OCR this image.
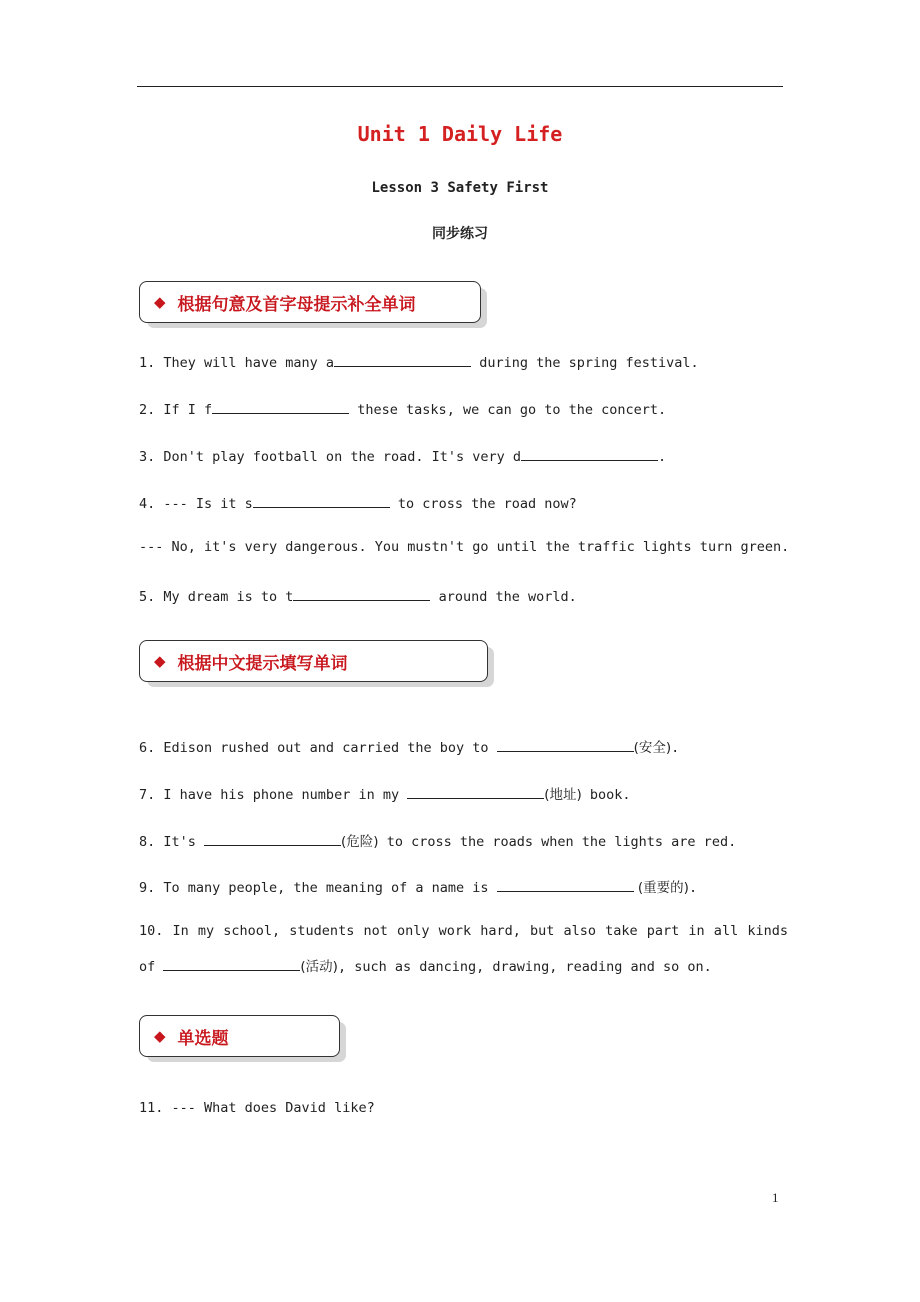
Unit 1 Daily Life
Lesson 3 Safety First
同步练习
◆ 根据句意及首字母提示补全单词
1. They will have many a	during the spring festival.
2. If I f	these tasks, we can go to the concert.
3. Don't play football on the road. It's very d	.
4. --- Is it s	to cross the road now?
--- No, it's very dangerous. You mustn't go until the traffic lights turn green.
5. My dream is to t	around the world.
◆ 根据中文提示填写单词
6. Edison rushed out and carried the boy to	(安全).
7. I have his phone number in my	(地址) book.
8. It's	(危险) to cross the roads when the lights are red.
9. To many people, the meaning of a name is	(重要的).
10. In my school, students not only work hard, but also take part in all kinds
of	(活动), such as dancing, drawing, reading and so on.
◆ 单选题
11. --- What does David like?
1
